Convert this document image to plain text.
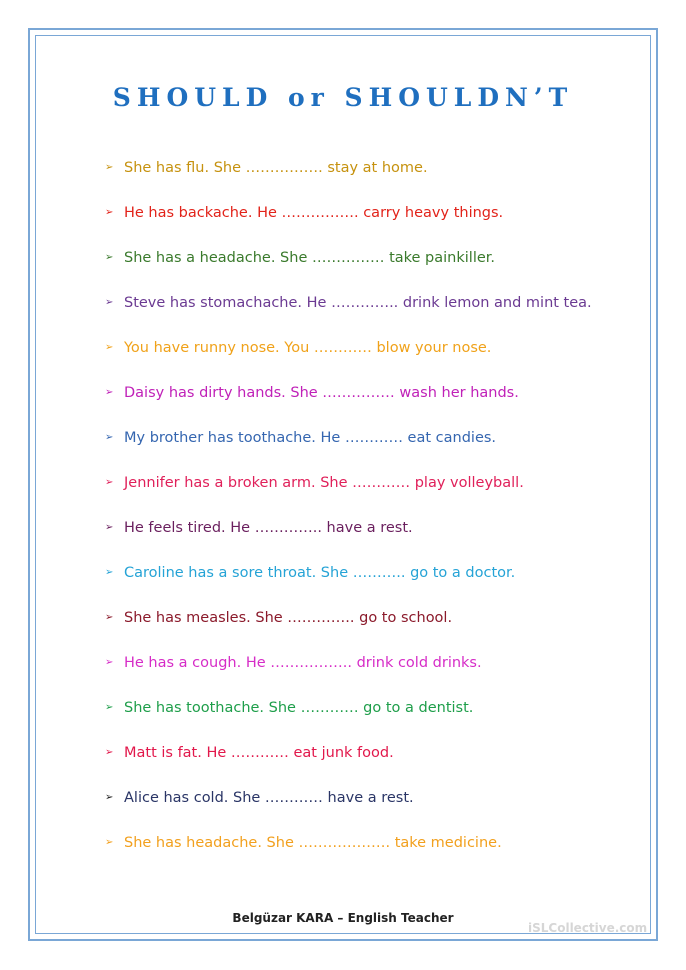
SHOULD or SHOULDN’T
➢ She has flu. She ……………. stay at home.
➢ He has backache. He ……………. carry heavy things.
➢ She has a headache. She …………… take painkiller.
➢ Steve has stomachache. He ………….. drink lemon and mint tea.
➢ You have runny nose. You ………… blow your nose.
➢ Daisy has dirty hands. She …………… wash her hands.
➢ My brother has toothache. He ………… eat candies.
➢ Jennifer has a broken arm. She ………… play volleyball.
➢ He feels tired. He ………….. have a rest.
➢ Caroline has a sore throat. She ……….. go to a doctor.
➢ She has measles. She ………….. go to school.
➢ He has a cough. He …………….. drink cold drinks.
➢ She has toothache. She ………… go to a dentist.
➢ Matt is fat. He ………… eat junk food.
➢ Alice has cold. She ………… have a rest.
➢ She has headache. She ………………. take medicine.
Belgüzar KARA – English Teacher
iSLCollective.com
